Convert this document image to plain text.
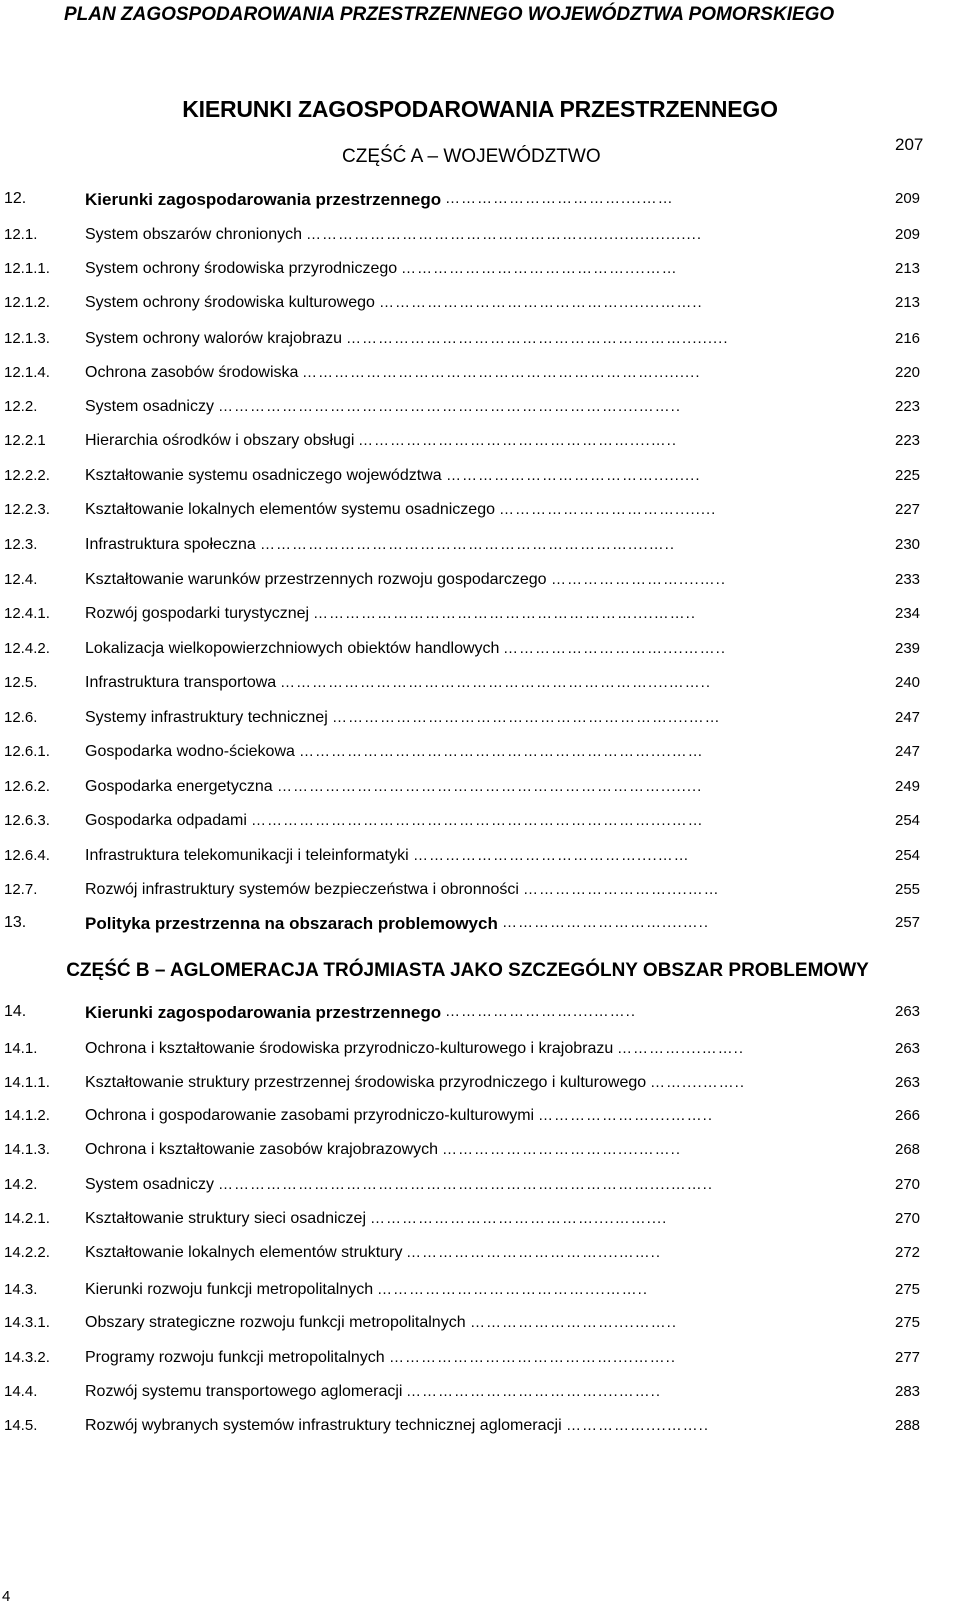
PLAN ZAGOSPODAROWANIA PRZESTRZENNEGO WOJEWÓDZTWA POMORSKIEGO
KIERUNKI ZAGOSPODAROWANIA PRZESTRZENNEGO
CZĘŚĆ A – WOJEWÓDZTWO
207
12.	Kierunki zagospodarowania przestrzennego ……………………………....……	209
12.1.	System obszarów chronionych ……………………………………………........................	209
12.1.1. System ochrony środowiska przyrodniczego ……………………………………....……	213
12.1.2. System ochrony środowiska kulturowego ………………………………………........……..	213
12.1.3. System ochrony walorów krajobrazu ……………………………………………………….........	216
12.1.4. Ochrona zasobów środowiska ………………………………………………………….........	220
12.2.	System osadniczy …………………………………………………………………....……..	223
12.2.1 Hierarchia ośrodków i obszary obsługi ……………………………………………....…..	223
12.2.2. Kształtowanie systemu osadniczego województwa ………………………………….........	225
12.2.3. Kształtowanie lokalnych elementów systemu osadniczego ……………………………........	227
12.3.	Infrastruktura społeczna ……………………………………………………………....…..	230
12.4.	Kształtowanie warunków przestrzennych rozwoju gospodarczego ……………………....…..	233
12.4.1. Rozwój gospodarki turystycznej ……………………………………………………....……..	234
12.4.2. Lokalizacja wielkopowierzchniowych obiektów handlowych …………………………....……..	239
12.5.	Infrastruktura transportowa ……………………………………………………………....……..	240
12.6.	Systemy infrastruktury technicznej ………………………………………………………....……	247
12.6.1. Gospodarka wodno-ściekowa …………………………………………………………....……	247
12.6.2. Gospodarka energetyczna ………………………………………………………………........	249
12.6.3. Gospodarka odpadami …………………………………………………………………....……	254
12.6.4. Infrastruktura telekomunikacji i teleinformatyki ……………………………………....……	254
12.7.	Rozwój infrastruktury systemów bezpieczeństwa i obronności ………………………....……	255
13.	Polityka przestrzenna na obszarach problemowych …………………………....…..	257
CZĘŚĆ B – AGLOMERACJA TRÓJMIASTA JAKO SZCZEGÓLNY OBSZAR PROBLEMOWY
14.	Kierunki zagospodarowania przestrzennego ……………………....……..	263
14.1.	Ochrona i kształtowanie środowiska przyrodniczo-kulturowego i krajobrazu …………....……..	263
14.1.1. Kształtowanie struktury przestrzennej środowiska przyrodniczego i kulturowego ……....……..	263
14.1.2. Ochrona i gospodarowanie zasobami przyrodniczo-kulturowymi …………………....……..	266
14.1.3. Ochrona i kształtowanie zasobów krajobrazowych ……………………………....……..	268
14.2.	System osadniczy ………………………………………………………………………....……..	270
14.2.1. Kształtowanie struktury sieci osadniczej ……………………………………....……....	270
14.2.2. Kształtowanie lokalnych elementów struktury ………………………………....……..	272
14.3.	Kierunki rozwoju funkcji metropolitalnych …………………………………....……..	275
14.3.1. Obszary strategiczne rozwoju funkcji metropolitalnych ………………………....……..	275
14.3.2. Programy rozwoju funkcji metropolitalnych ……………………………………....……..	277
14.4.	Rozwój systemu transportowego aglomeracji ………………………………....……..	283
14.5.	Rozwój wybranych systemów infrastruktury technicznej aglomeracji ……………....……..	288
4
